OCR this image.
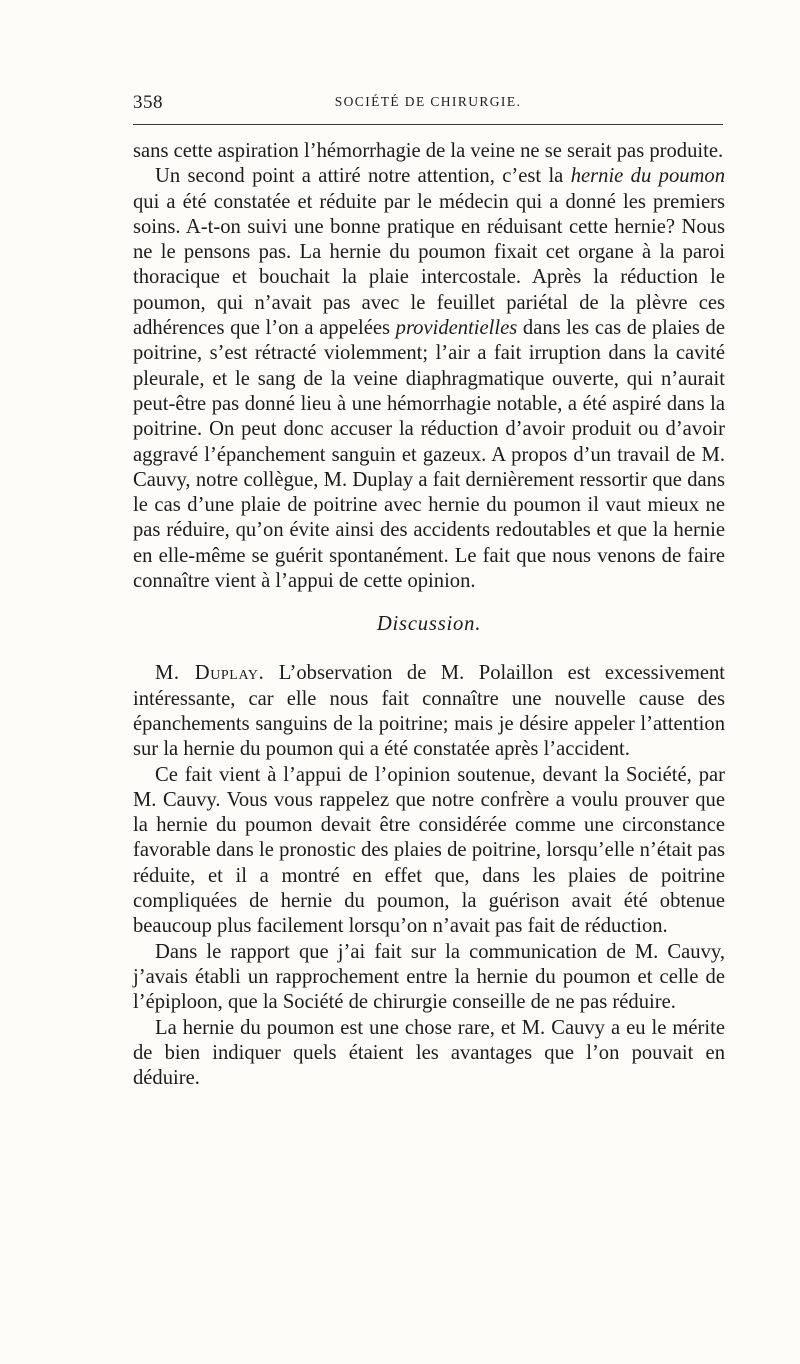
358	SOCIÉTÉ DE CHIRURGIE.

sans cette aspiration l’hémorrhagie de la veine ne se serait pas produite.

Un second point a attiré notre attention, c’est la hernie du poumon qui a été constatée et réduite par le médecin qui a donné les premiers soins. A-t-on suivi une bonne pratique en réduisant cette hernie? Nous ne le pensons pas. La hernie du poumon fixait cet organe à la paroi thoracique et bouchait la plaie intercostale. Après la réduction le poumon, qui n’avait pas avec le feuillet pariétal de la plèvre ces adhérences que l’on a appelées providentielles dans les cas de plaies de poitrine, s’est rétracté violemment; l’air a fait irruption dans la cavité pleurale, et le sang de la veine diaphragmatique ouverte, qui n’aurait peut-être pas donné lieu à une hémorrhagie notable, a été aspiré dans la poitrine. On peut donc accuser la réduction d’avoir produit ou d’avoir aggravé l’épanchement sanguin et gazeux. A propos d’un travail de M. Cauvy, notre collègue, M. Duplay a fait dernièrement ressortir que dans le cas d’une plaie de poitrine avec hernie du poumon il vaut mieux ne pas réduire, qu’on évite ainsi des accidents redoutables et que la hernie en elle-même se guérit spontanément. Le fait que nous venons de faire connaître vient à l’appui de cette opinion.

Discussion.

M. Duplay. L’observation de M. Polaillon est excessivement intéressante, car elle nous fait connaître une nouvelle cause des épanchements sanguins de la poitrine; mais je désire appeler l’attention sur la hernie du poumon qui a été constatée après l’accident.

Ce fait vient à l’appui de l’opinion soutenue, devant la Société, par M. Cauvy. Vous vous rappelez que notre confrère a voulu prouver que la hernie du poumon devait être considérée comme une circonstance favorable dans le pronostic des plaies de poitrine, lorsqu’elle n’était pas réduite, et il a montré en effet que, dans les plaies de poitrine compliquées de hernie du poumon, la guérison avait été obtenue beaucoup plus facilement lorsqu’on n’avait pas fait de réduction.

Dans le rapport que j’ai fait sur la communication de M. Cauvy, j’avais établi un rapprochement entre la hernie du poumon et celle de l’épiploon, que la Société de chirurgie conseille de ne pas réduire.

La hernie du poumon est une chose rare, et M. Cauvy a eu le mérite de bien indiquer quels étaient les avantages que l’on pouvait en déduire.
